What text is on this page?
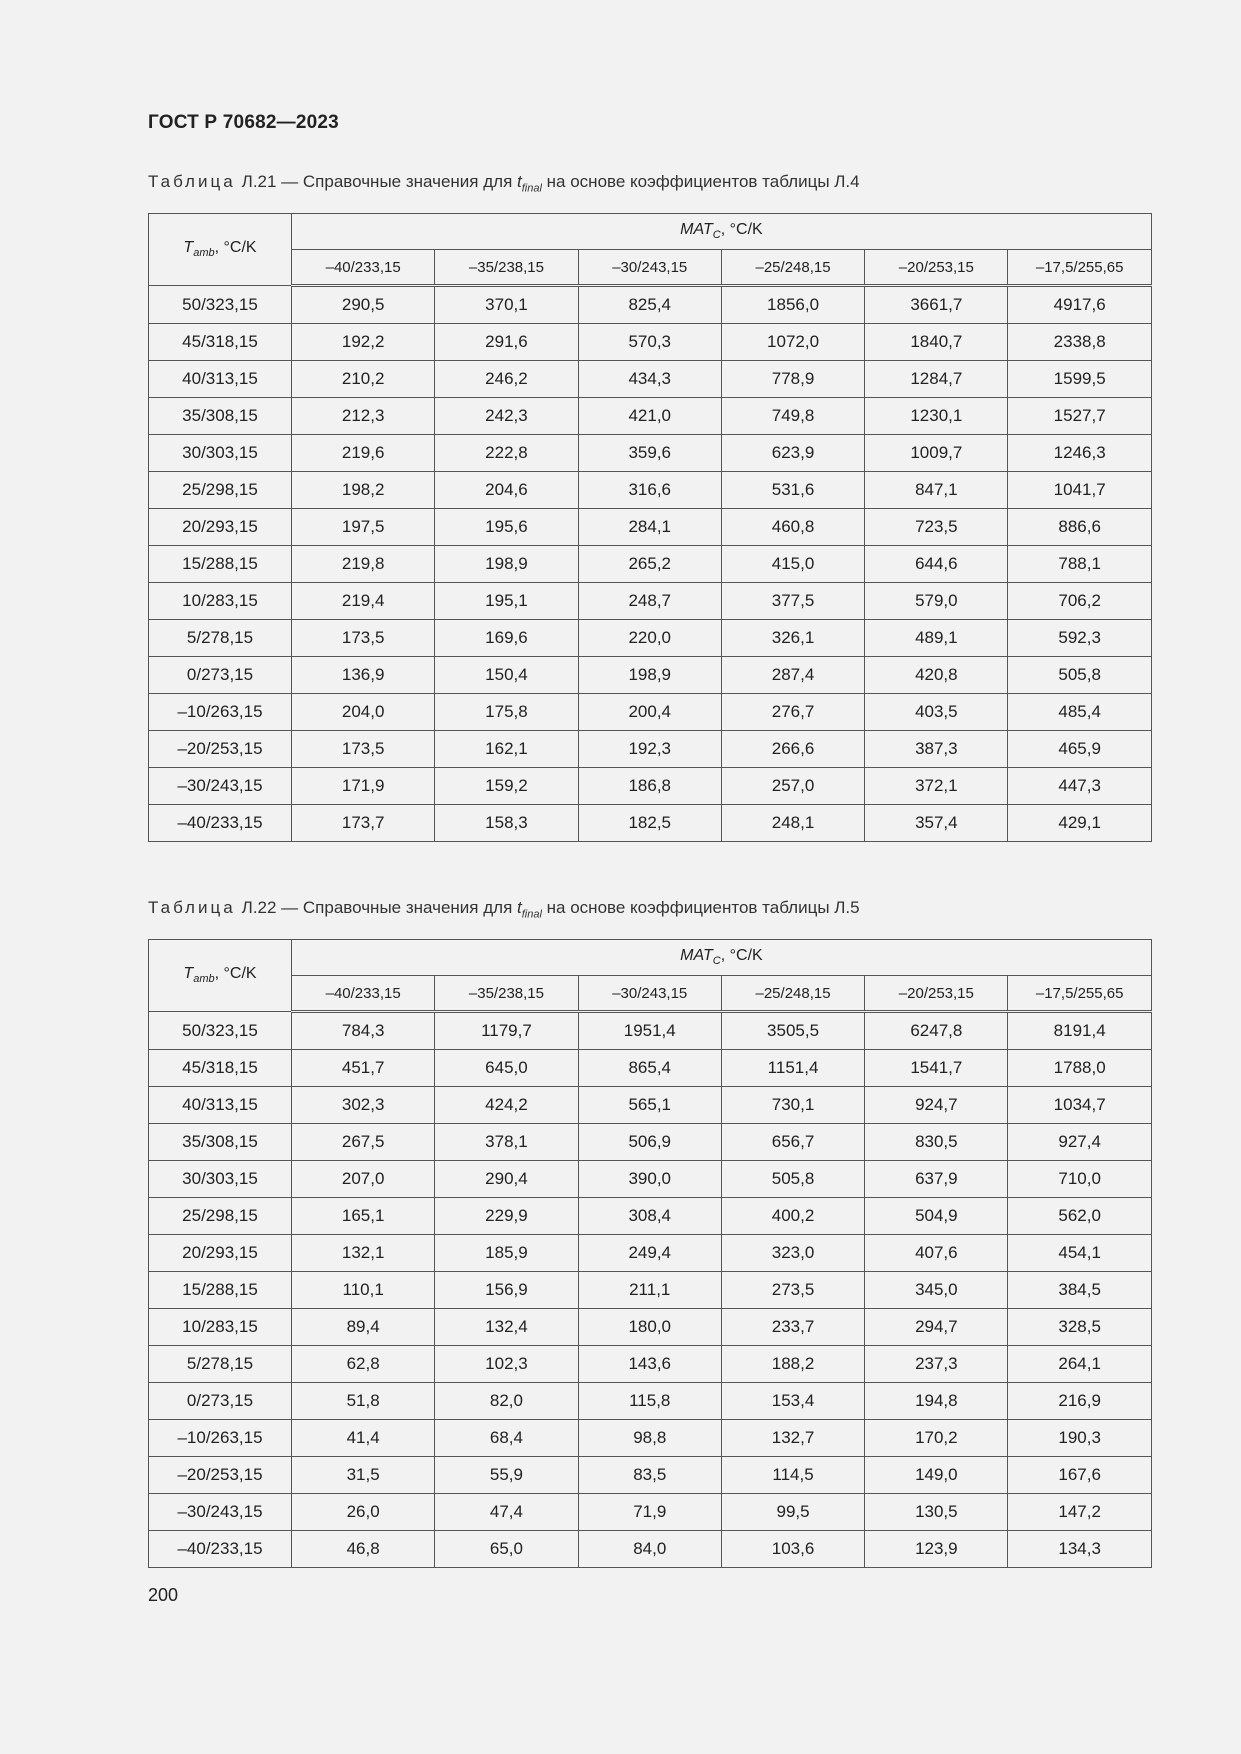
ГОСТ Р 70682—2023
Таблица Л.21 — Справочные значения для $t_{final}$ на основе коэффициентов таблицы Л.4
$T_{amb}$, °C/K	$MAT_C$, °C/K					
	–40/233,15	–35/238,15	–30/243,15	–25/248,15	–20/253,15	–17,5/255,65
50/323,15	290,5	370,1	825,4	1856,0	3661,7	4917,6
45/318,15	192,2	291,6	570,3	1072,0	1840,7	2338,8
40/313,15	210,2	246,2	434,3	778,9	1284,7	1599,5
35/308,15	212,3	242,3	421,0	749,8	1230,1	1527,7
30/303,15	219,6	222,8	359,6	623,9	1009,7	1246,3
25/298,15	198,2	204,6	316,6	531,6	847,1	1041,7
20/293,15	197,5	195,6	284,1	460,8	723,5	886,6
15/288,15	219,8	198,9	265,2	415,0	644,6	788,1
10/283,15	219,4	195,1	248,7	377,5	579,0	706,2
5/278,15	173,5	169,6	220,0	326,1	489,1	592,3
0/273,15	136,9	150,4	198,9	287,4	420,8	505,8
–10/263,15	204,0	175,8	200,4	276,7	403,5	485,4
–20/253,15	173,5	162,1	192,3	266,6	387,3	465,9
–30/243,15	171,9	159,2	186,8	257,0	372,1	447,3
–40/233,15	173,7	158,3	182,5	248,1	357,4	429,1
Таблица Л.22 — Справочные значения для $t_{final}$ на основе коэффициентов таблицы Л.5
$T_{amb}$, °C/K	$MAT_C$, °C/K					
	–40/233,15	–35/238,15	–30/243,15	–25/248,15	–20/253,15	–17,5/255,65
50/323,15	784,3	1179,7	1951,4	3505,5	6247,8	8191,4
45/318,15	451,7	645,0	865,4	1151,4	1541,7	1788,0
40/313,15	302,3	424,2	565,1	730,1	924,7	1034,7
35/308,15	267,5	378,1	506,9	656,7	830,5	927,4
30/303,15	207,0	290,4	390,0	505,8	637,9	710,0
25/298,15	165,1	229,9	308,4	400,2	504,9	562,0
20/293,15	132,1	185,9	249,4	323,0	407,6	454,1
15/288,15	110,1	156,9	211,1	273,5	345,0	384,5
10/283,15	89,4	132,4	180,0	233,7	294,7	328,5
5/278,15	62,8	102,3	143,6	188,2	237,3	264,1
0/273,15	51,8	82,0	115,8	153,4	194,8	216,9
–10/263,15	41,4	68,4	98,8	132,7	170,2	190,3
–20/253,15	31,5	55,9	83,5	114,5	149,0	167,6
–30/243,15	26,0	47,4	71,9	99,5	130,5	147,2
–40/233,15	46,8	65,0	84,0	103,6	123,9	134,3
200
